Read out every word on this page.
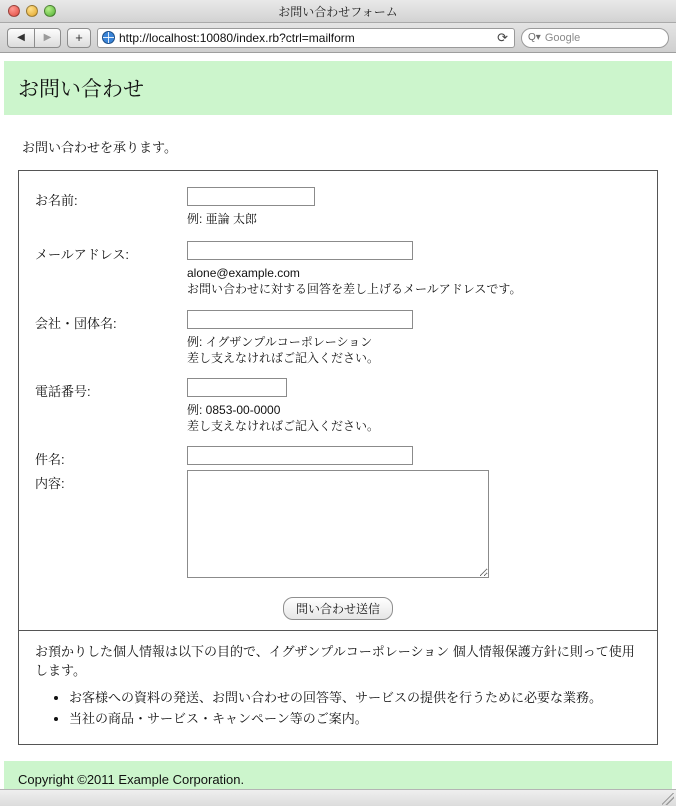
お問い合わせフォーム
◀	▶	+	http://localhost:10080/index.rb?ctrl=mailform	⟳ Q▾ Google
お問い合わせ
お問い合わせを承ります。
お名前:
例: 亜論 太郎
メールアドレス:
alone@example.com
お問い合わせに対する回答を差し上げるメールアドレスです。
会社・団体名:
例: イグザンプルコーポレーション
差し支えなければご記入ください。
電話番号:
例: 0853-00-0000
差し支えなければご記入ください。
件名:
内容:
問い合わせ送信
お預かりした個人情報は以下の目的で、イグザンプルコーポレーション 個人情報保護方針に則って使用します。
• お客様への資料の発送、お問い合わせの回答等、サービスの提供を行うために必要な業務。
• 当社の商品・サービス・キャンペーン等のご案内。
Copyright ©2011 Example Corporation.
